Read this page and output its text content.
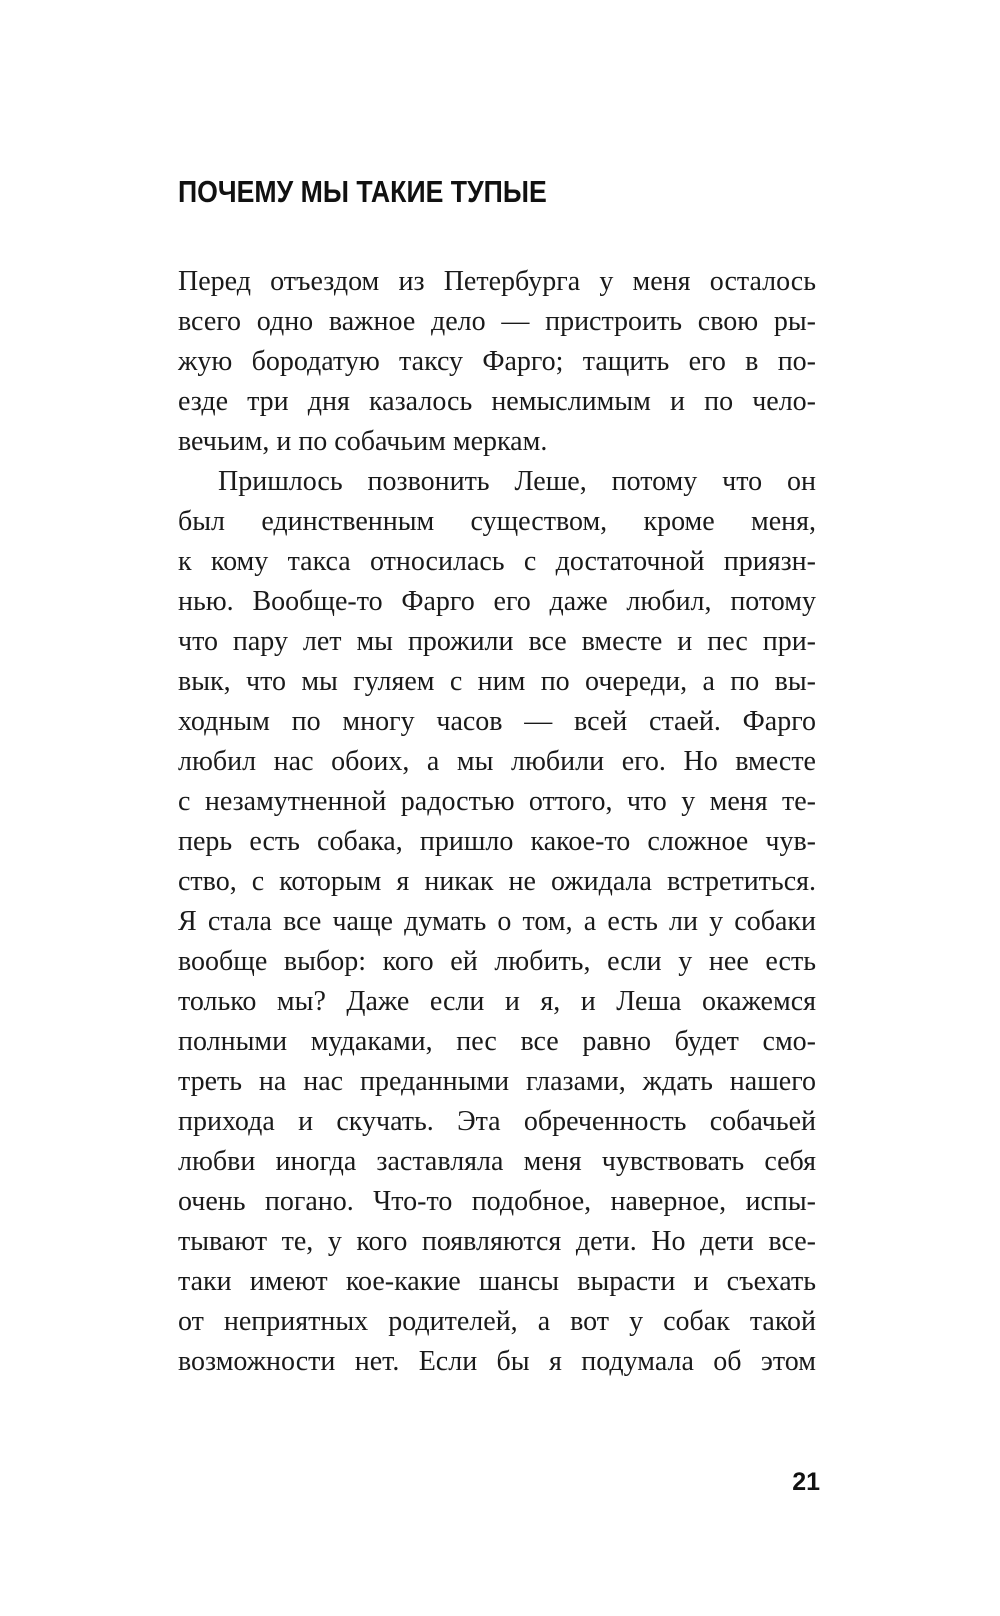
ПОЧЕМУ МЫ ТАКИЕ ТУПЫЕ
Перед отъездом из Петербурга у меня осталось
всего одно важное дело — пристроить свою ры-
жую бородатую таксу Фарго; тащить его в по-
езде три дня казалось немыслимым и по чело-
вечьим, и по собачьим меркам.
Пришлось позвонить Леше, потому что он
был единственным существом, кроме меня,
к кому такса относилась с достаточной приязн-
нью. Вообще-то Фарго его даже любил, потому
что пару лет мы прожили все вместе и пес при-
вык, что мы гуляем с ним по очереди, а по вы-
ходным по многу часов — всей стаей. Фарго
любил нас обоих, а мы любили его. Но вместе
с незамутненной радостью оттого, что у меня те-
перь есть собака, пришло какое-то сложное чув-
ство, с которым я никак не ожидала встретиться.
Я стала все чаще думать о том, а есть ли у собаки
вообще выбор: кого ей любить, если у нее есть
только мы? Даже если и я, и Леша окажемся
полными мудаками, пес все равно будет смо-
треть на нас преданными глазами, ждать нашего
прихода и скучать. Эта обреченность собачьей
любви иногда заставляла меня чувствовать себя
очень погано. Что-то подобное, наверное, испы-
тывают те, у кого появляются дети. Но дети все-
таки имеют кое-какие шансы вырасти и съехать
от неприятных родителей, а вот у собак такой
возможности нет. Если бы я подумала об этом
21
